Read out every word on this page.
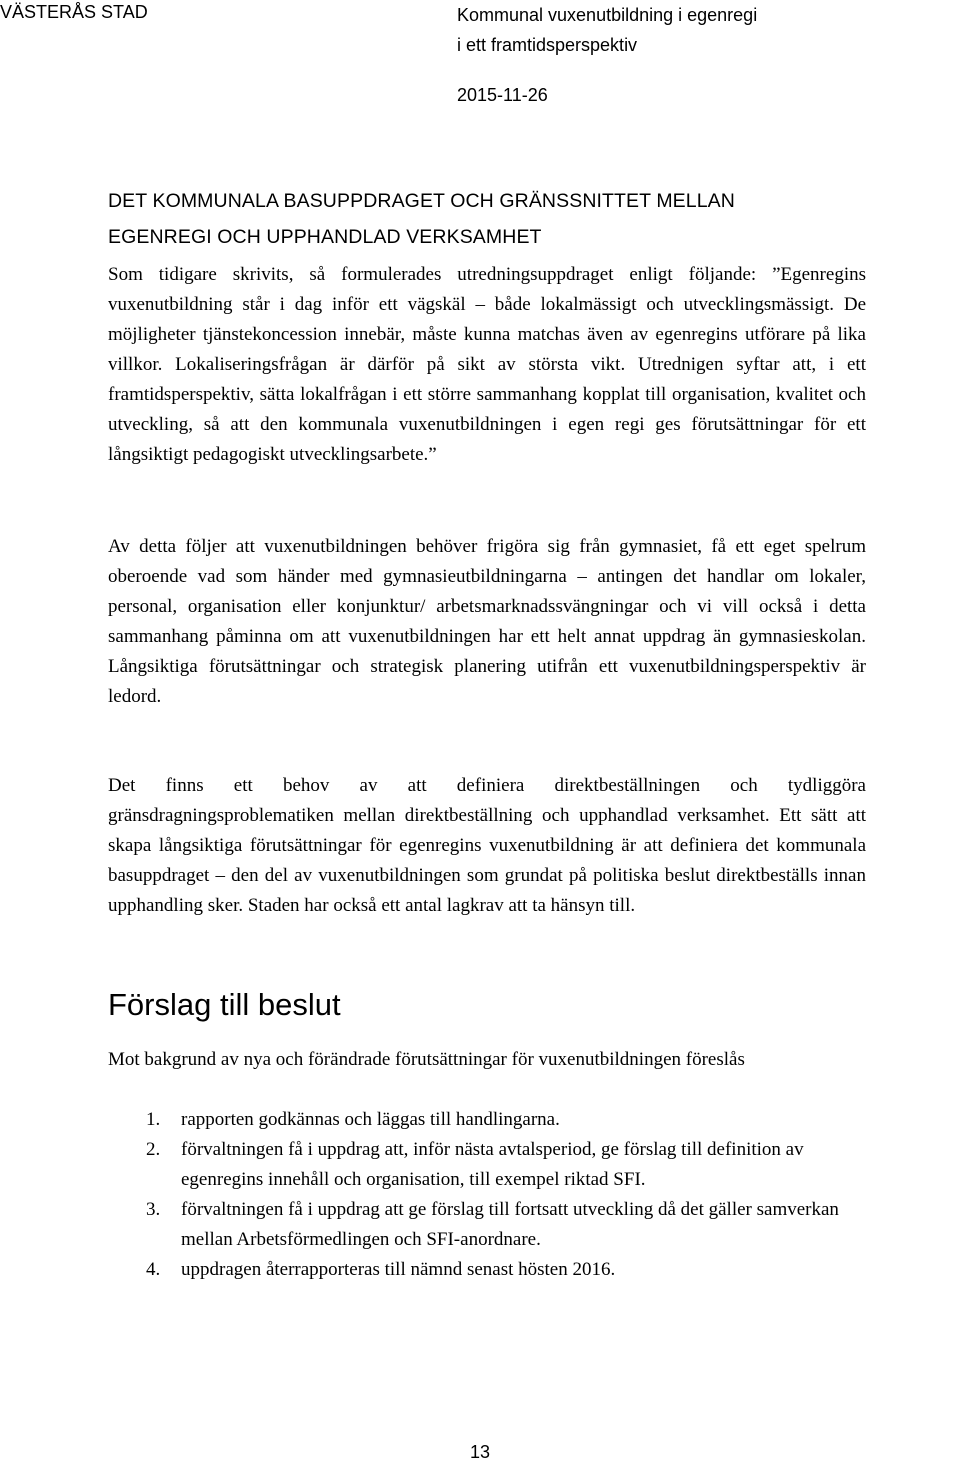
VÄSTERÅS STAD	Kommunal vuxenutbildning i egenregi
i ett framtidsperspektiv
2015-11-26
DET KOMMUNALA BASUPPDRAGET OCH GRÄNSSNITTET MELLAN
EGENREGI OCH UPPHANDLAD VERKSAMHET
Som tidigare skrivits, så formulerades utredningsuppdraget enligt följande: ”Egenregins vuxenutbildning står i dag inför ett vägskäl – både lokalmässigt och utvecklingsmässigt. De möjligheter tjänstekoncession innebär, måste kunna matchas även av egenregins utförare på lika villkor. Lokaliseringsfrågan är därför på sikt av största vikt. Utrednigen syftar att, i ett framtidsperspektiv, sätta lokalfrågan i ett större sammanhang kopplat till organisation, kvalitet och utveckling, så att den kommunala vuxenutbildningen i egen regi ges förutsättningar för ett långsiktigt pedagogiskt utvecklingsarbete.”
Av detta följer att vuxenutbildningen behöver frigöra sig från gymnasiet, få ett eget spelrum oberoende vad som händer med gymnasieutbildningarna – antingen det handlar om lokaler, personal, organisation eller konjunktur/ arbetsmarknadssvängningar och vi vill också i detta sammanhang påminna om att vuxenutbildningen har ett helt annat uppdrag än gymnasieskolan. Långsiktiga förutsättningar och strategisk planering utifrån ett vuxenutbildningsperspektiv är ledord.
Det finns ett behov av att definiera direktbeställningen och tydliggöra gränsdragningsproblematiken mellan direktbeställning och upphandlad verksamhet. Ett sätt att skapa långsiktiga förutsättningar för egenregins vuxenutbildning är att definiera det kommunala basuppdraget – den del av vuxenutbildningen som grundat på politiska beslut direktbeställs innan upphandling sker. Staden har också ett antal lagkrav att ta hänsyn till.
Förslag till beslut
Mot bakgrund av nya och förändrade förutsättningar för vuxenutbildningen föreslås
1. rapporten godkännas och läggas till handlingarna.
2. förvaltningen få i uppdrag att, inför nästa avtalsperiod, ge förslag till definition av egenregins innehåll och organisation, till exempel riktad SFI.
3. förvaltningen få i uppdrag att ge förslag till fortsatt utveckling då det gäller samverkan mellan Arbetsförmedlingen och SFI-anordnare.
4. uppdragen återrapporteras till nämnd senast hösten 2016.
13
